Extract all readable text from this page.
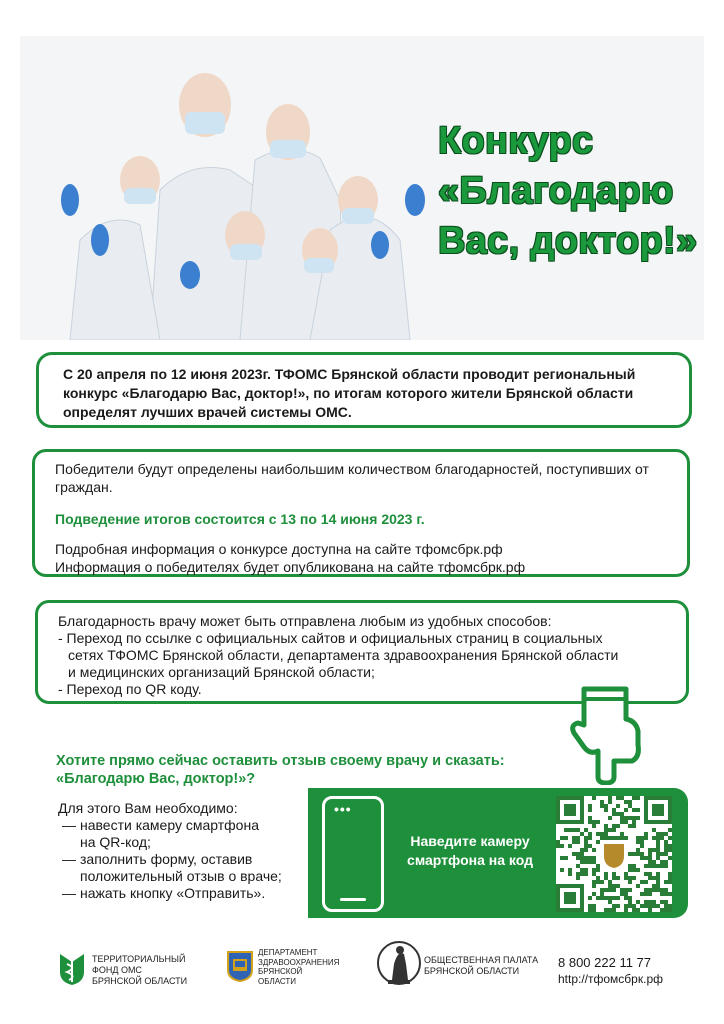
Конкурс
«Благодарю
Вас, доктор!»

С 20 апреля по 12 июня 2023г. ТФОМС Брянской области проводит региональный конкурс «Благодарю Вас, доктор!», по итогам которого жители Брянской области определят лучших врачей системы ОМС.

Победители будут определены наибольшим количеством благодарностей, поступивших от граждан.

Подведение итогов состоится с 13 по 14 июня 2023 г.

Подробная информация о конкурсе доступна на сайте тфомсбрк.рф

Информация о победителях будет опубликована на сайте тфомсбрк.рф

Благодарность врачу может быть отправлена любым из удобных способов:

- Переход по ссылке с официальных сайтов и официальных страниц в социальных

сетях ТФОМС Брянской области, департамента здравоохранения Брянской области

и медицинских организаций Брянской области;

- Переход по QR коду.

Хотите прямо сейчас оставить отзыв своему врачу и сказать:

«Благодарю Вас, доктор!»?

Для этого Вам необходимо:

— навести камеру смартфона
на QR-код;

— заполнить форму, оставив
положительный отзыв о враче;

— нажать кнопку «Отправить».

•••
Наведите камеру
смартфона на код
ТЕРРИТОРИАЛЬНЫЙ
ФОНД ОМС
БРЯНСКОЙ ОБЛАСТИ
ДЕПАРТАМЕНТ
ЗДРАВООХРАНЕНИЯ
БРЯНСКОЙ ОБЛАСТИ
ОБЩЕСТВЕННАЯ ПАЛАТА
БРЯНСКОЙ ОБЛАСТИ
8 800 222 11 77
http://тфомсбрк.рф
